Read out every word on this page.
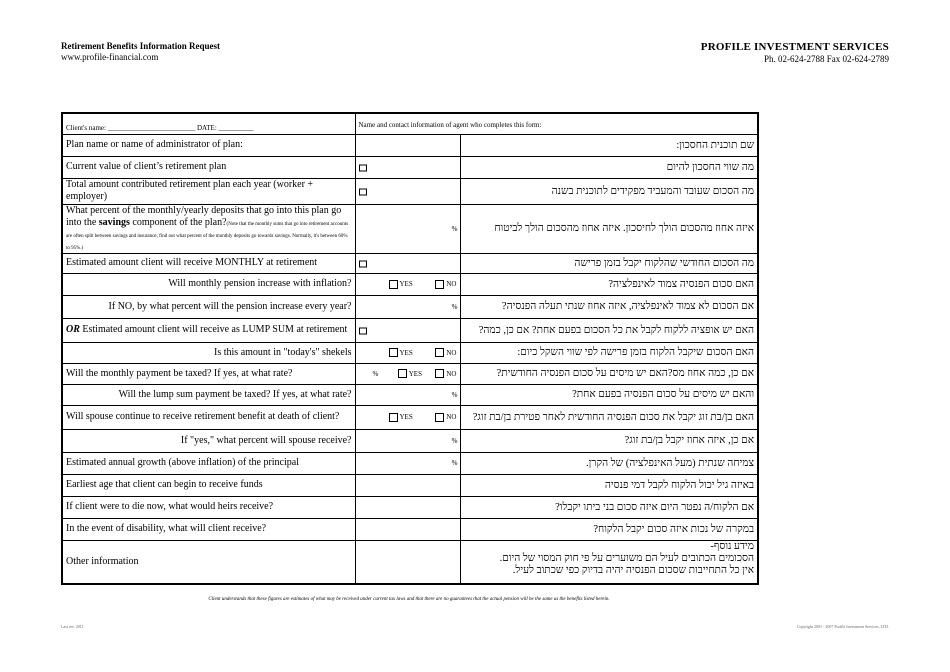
Retirement Benefits Information Request
www.profile-financial.com
PROFILE INVESTMENT SERVICES
Ph. 02-624-2788 Fax 02-624-2789
Client's name: _________________________ DATE: __________	Name and contact information of agent who completes this form:	
Plan name or name of administrator of plan:		שם תוכנית החסכון:
Current value of client’s retirement plan		מה שווי החסכון להיום
Total amount contributed retirement plan each year (worker + employer)		מה הסכום שעובד והמעביד מפקידים לתוכנית בשנה
What percent of the monthly/yearly deposits that go into this plan go into the savings component of the plan?(Note that the monthly sums that go into retirement accounts are often split between savings and insurance; find out what percent of the monthly deposits go towards savings. Normally, it's between 60% to 95%.)	%	איזה אחוז מהסכום הולך לחיסכון. איזה אחוז מהסכום הולך לביטוח
Estimated amount client will receive MONTHLY at retirement		מה הסכום החודשי שהלקוח יקבל בזמן פרישה
Will monthly pension increase with inflation?	YES NO	האם סכום הפנסיה צמוד לאינפלציה?
If NO, by what percent will the pension increase every year?	%	אם הסכום לא צמוד לאינפלציה, איזה אחוז שנתי תעלה הפנסיה?
OR Estimated amount client will receive as LUMP SUM at retirement		האם יש אופציה ללקוח לקבל את כל הסכום בפעם אחת? אם כן, כמה?
Is this amount in "today's" shekels	YES NO	האם הסכום שיקבל הלקוח בזמן פרישה לפי שווי השקל כיום:
Will the monthly payment be taxed? If yes, at what rate?	% YES NO	אם כן, כמה אחוז מס?האם יש מיסים על סכום הפנסיה החודשית?
Will the lump sum payment be taxed? If yes, at what rate?	%	והאם יש מיסים על סכום הפנסיה בפעם אחת?
Will spouse continue to receive retirement benefit at death of client?	YES NO	האם בן/בת זוג יקבל את סכום הפנסיה החודשית לאחר פטירת בן/בת זוג?
If "yes," what percent will spouse receive?	%	אם כן, איזה אחוז יקבל בן/בת זוג?
Estimated annual growth (above inflation) of the principal	%	צמיחה שנתית (מעל האינפלציה) של הקרן.
Earliest age that client can begin to receive funds		באיזה גיל יכול הלקוח לקבל דמי פנסיה
If client were to die now, what would heirs receive?		אם הלקוח/ה נפטר היום איזה סכום בני ביתו יקבלו?
In the event of disability, what will client receive?		במקרה של נכות איזה סכום יקבל הלקוח?
Other information		מידע נוסף-
הסכומים הכתובים לעיל הם משוערים על פי חוק המסוי של היום.
אין כל התחייבות שסכום הפנסיה יהיה בדיוק כפי שכתוב לעיל.
Client understands that these figures are estimates of what may be received under current tax laws and that there are no guarantees that the actual pension will be the same as the benefits listed herein.
Last rev. 2011	Copyright 2001 - 2007 Profile Investment Services, LTD.
